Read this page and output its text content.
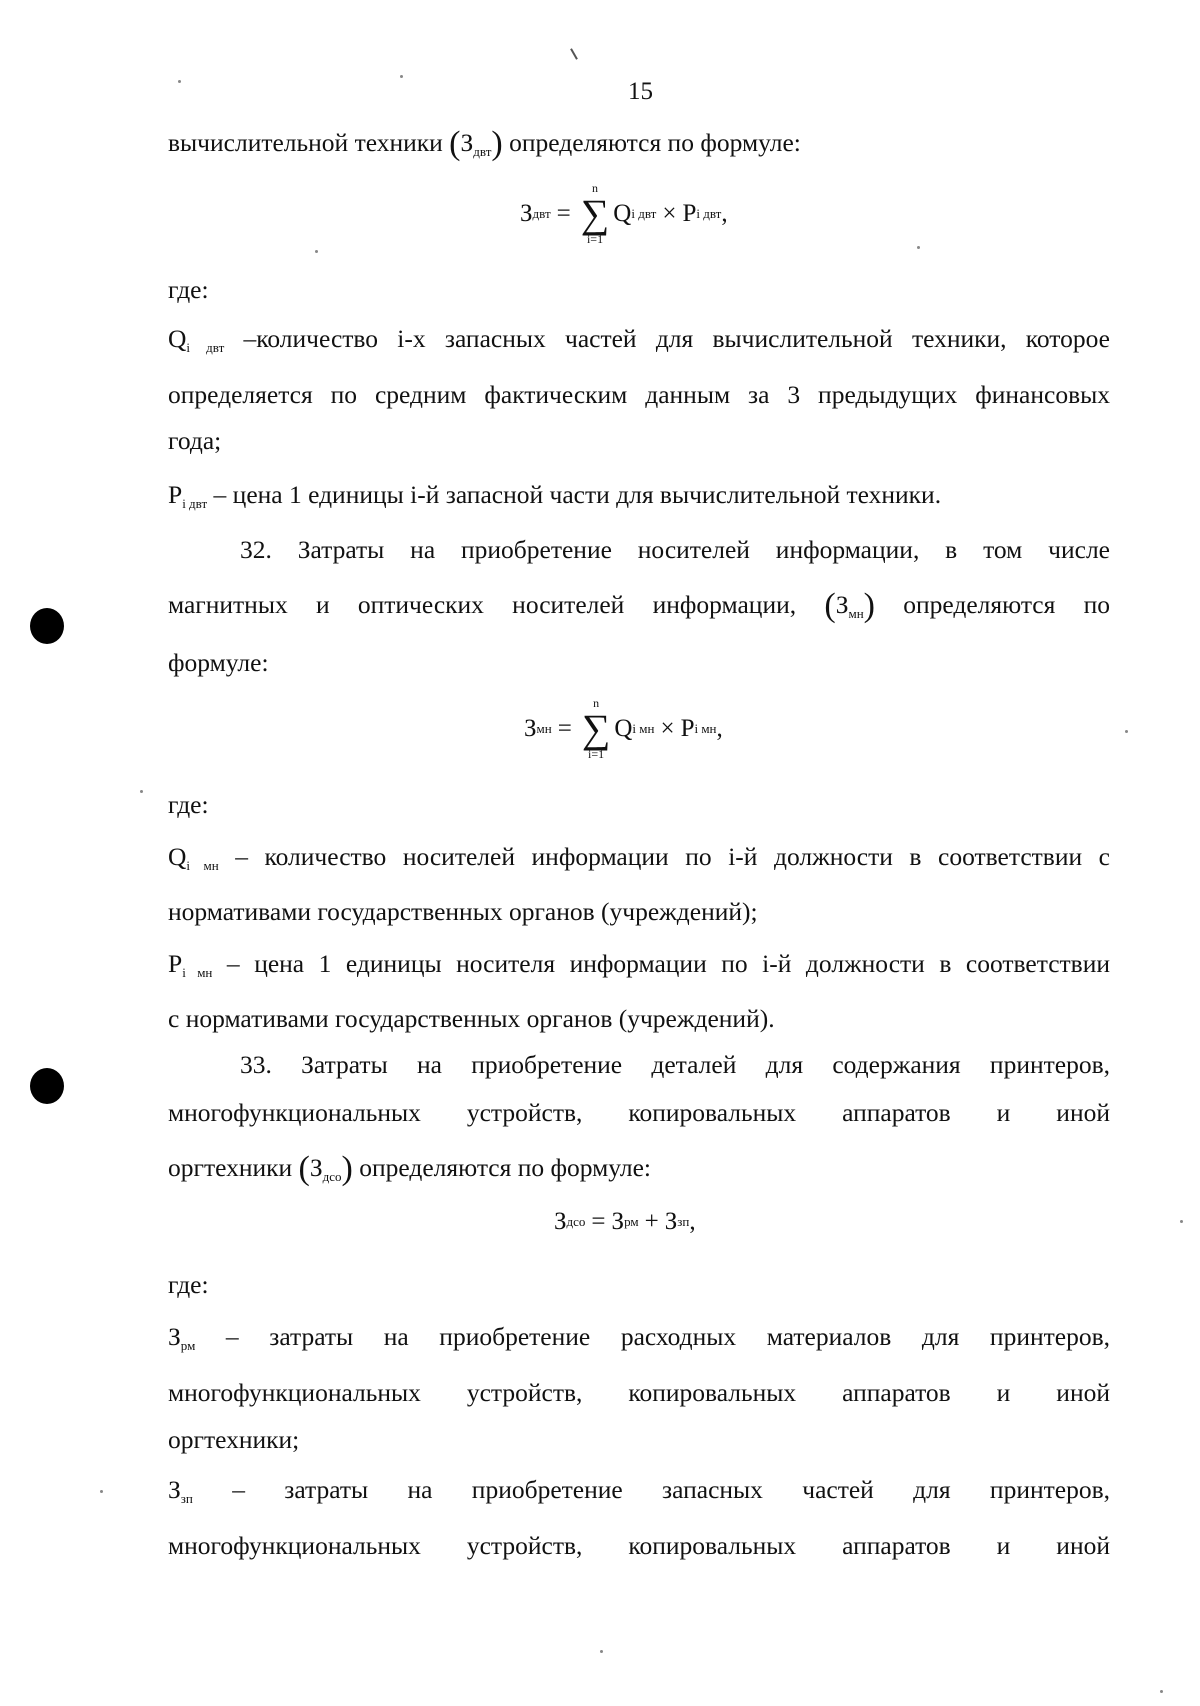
15
вычислительной техники $(З_{двт})$ определяются по формуле:
З двт =
n
∑
i=1
Q i двт × P i двт ,
где:
$Q_{i двт}$ –количество i-х запасных частей для вычислительной техники, которое
определяется по средним фактическим данным за 3 предыдущих финансовых
года;
$P_{i двт}$ – цена 1 единицы i-й запасной части для вычислительной техники.
32. Затраты на приобретение носителей информации, в том числе
магнитных и оптических носителей информации, $(З_{мн})$ определяются по
формуле:
З мн =
n
∑
i=1
Q i мн × P i мн ,
где:
$Q_{i мн}$ – количество носителей информации по i-й должности в соответствии с
нормативами государственных органов (учреждений);
$P_{i мн}$ – цена 1 единицы носителя информации по i-й должности в соответствии
с нормативами государственных органов (учреждений).
33. Затраты на приобретение деталей для содержания принтеров,
многофункциональных устройств, копировальных аппаратов и иной
оргтехники $(З_{дсо})$ определяются по формуле:
З дсо = З рм + З зп ,
где:
$З_{рм}$ – затраты на приобретение расходных материалов для принтеров,
многофункциональных устройств, копировальных аппаратов и иной
оргтехники;
$З_{зп}$ – затраты на приобретение запасных частей для принтеров,
многофункциональных устройств, копировальных аппаратов и иной
